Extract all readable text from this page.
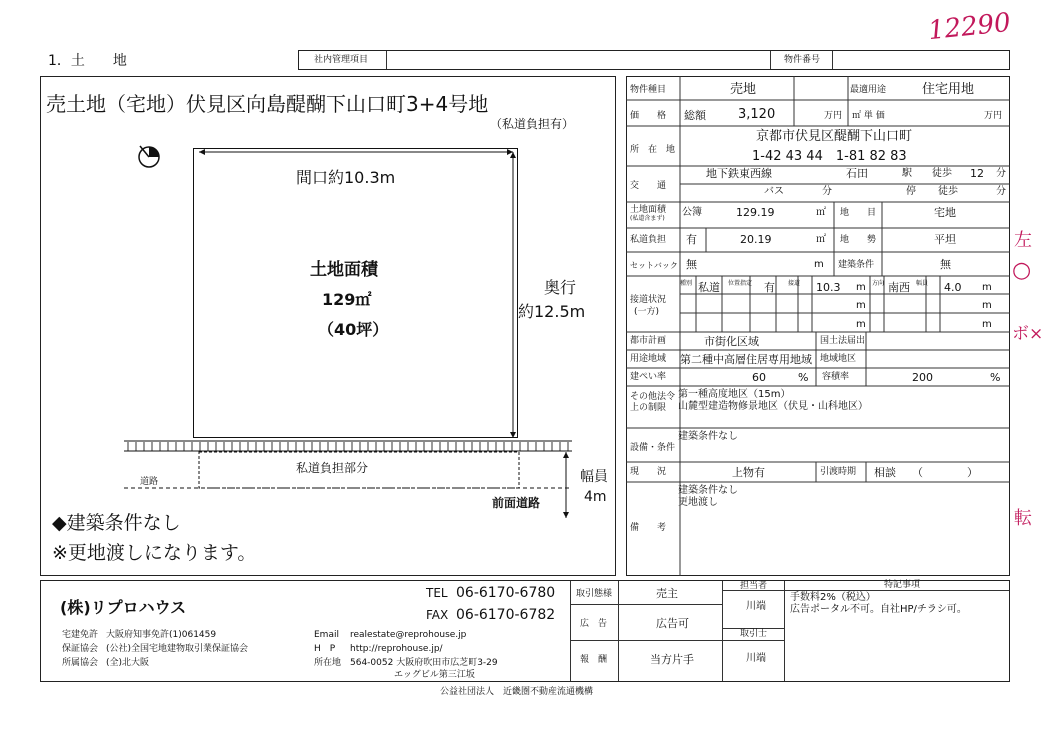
12290
1．土　　地	社内管理項目	物件番号
売土地（宅地）伏見区向島醍醐下山口町3+4号地
（私道負担有）
間口約10.3m
土地面積
129㎡
（40坪）
奥行
約12.5m
私道負担部分
道路	幅員
4m
前面道路
◆建築条件なし
※更地渡しになります。
物件種目	売地	最適用途	住宅用地
価　　格 総額 3,120	万円 ㎡ 単 価	万円
所　在　地
京都市伏見区醍醐下山口町
1-42 43 44　1-81 82 83
交　　通
地下鉄東西線	石田	駅 徒歩 12 分
バス	分	停 徒歩	分
土地面積
(私道含まず)
公簿	129.19	㎡ 地　　目	宅地
私道負担 有	20.19	㎡ 地　　勢	平坦
セットバック 無	m 建築条件	無
接道状況
(一方)
種別 私道 位置指定 有 接道 10.3 m 方向 南西 幅員 4.0 m
m	m
m	m
都市計画	市街化区域	国土法届出
用途地域 第二種中高層住居専用地域 地域地区
建ぺい率	60	% 容積率	200	%
その他法令上の制限
第一種高度地区（15m）
山麓型建造物修景地区（伏見・山科地区）
設備・条件
建築条件なし
現　　況	上物有	引渡時期 相談 （　　　　）
備　　考
建築条件なし
更地渡し
(株)リプロハウス
TEL 06-6170-6780
FAX 06-6170-6782
宅建免許 大阪府知事免許(1)061459
保証協会 (公社)全国宅地建物取引業保証協会
所属協会 (全)北大阪
Email realestate@reprohouse.jp
H　P http://reprohouse.jp/
所在地 564-0052 大阪府吹田市広芝町3-29
エッグビル第三江坂
取引態様	売主
広　告	広告可
報　酬	当方片手
担当者
川端
取引士
川端
特記事項
手数料2%（税込）
広告ポータル不可。自社HP/チラシ可。
公益社団法人　近畿圏不動産流通機構
左
○
ボ×
転
